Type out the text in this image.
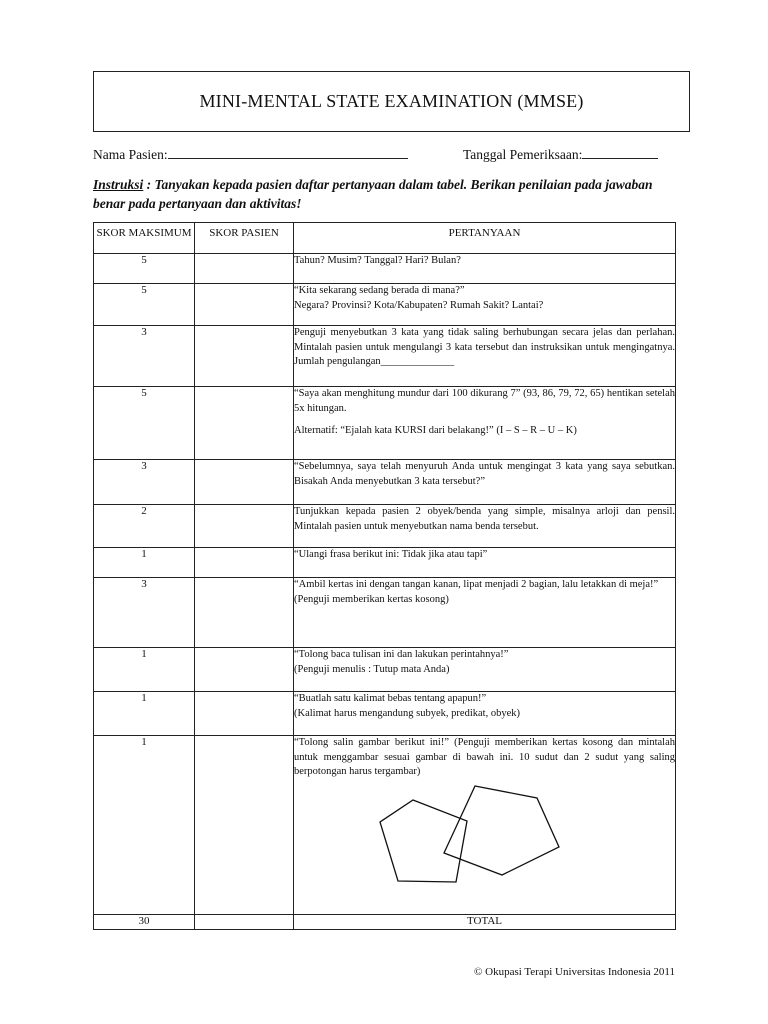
MINI-MENTAL STATE EXAMINATION (MMSE)
Nama Pasien:	Tanggal Pemeriksaan:
Instruksi : Tanyakan kepada pasien daftar pertanyaan dalam tabel. Berikan penilaian pada jawaban benar pada pertanyaan dan aktivitas!
SKOR MAKSIMUM	SKOR PASIEN	PERTANYAAN
5		Tahun? Musim? Tanggal? Hari? Bulan?

5		“Kita sekarang sedang berada di mana?”
Negara? Provinsi? Kota/Kabupaten? Rumah Sakit? Lantai?

3		Penguji menyebutkan 3 kata yang tidak saling berhubungan secara jelas dan perlahan. Mintalah pasien untuk mengulangi 3 kata tersebut dan instruksikan untuk mengingatnya. Jumlah pengulangan______________

5		“Saya akan menghitung mundur dari 100 dikurang 7” (93, 86, 79, 72, 65) hentikan setelah 5x hitungan.
Alternatif: “Ejalah kata KURSI dari belakang!” (I – S – R – U – K)

3		“Sebelumnya, saya telah menyuruh Anda untuk mengingat 3 kata yang saya sebutkan. Bisakah Anda menyebutkan 3 kata tersebut?”

2		Tunjukkan kepada pasien 2 obyek/benda yang simple, misalnya arloji dan pensil. Mintalah pasien untuk menyebutkan nama benda tersebut.

1		“Ulangi frasa berikut ini: Tidak jika atau tapi”

3		“Ambil kertas ini dengan tangan kanan, lipat menjadi 2 bagian, lalu letakkan di meja!”
(Penguji memberikan kertas kosong)

1		“Tolong baca tulisan ini dan lakukan perintahnya!”
(Penguji menulis : Tutup mata Anda)

1		“Buatlah satu kalimat bebas tentang apapun!”
(Kalimat harus mengandung subyek, predikat, obyek)

1		“Tolong salin gambar berikut ini!” (Penguji memberikan kertas kosong dan mintalah untuk menggambar sesuai gambar di bawah ini. 10 sudut dan 2 sudut yang saling berpotongan harus tergambar)

30		TOTAL
© Okupasi Terapi Universitas Indonesia 2011
